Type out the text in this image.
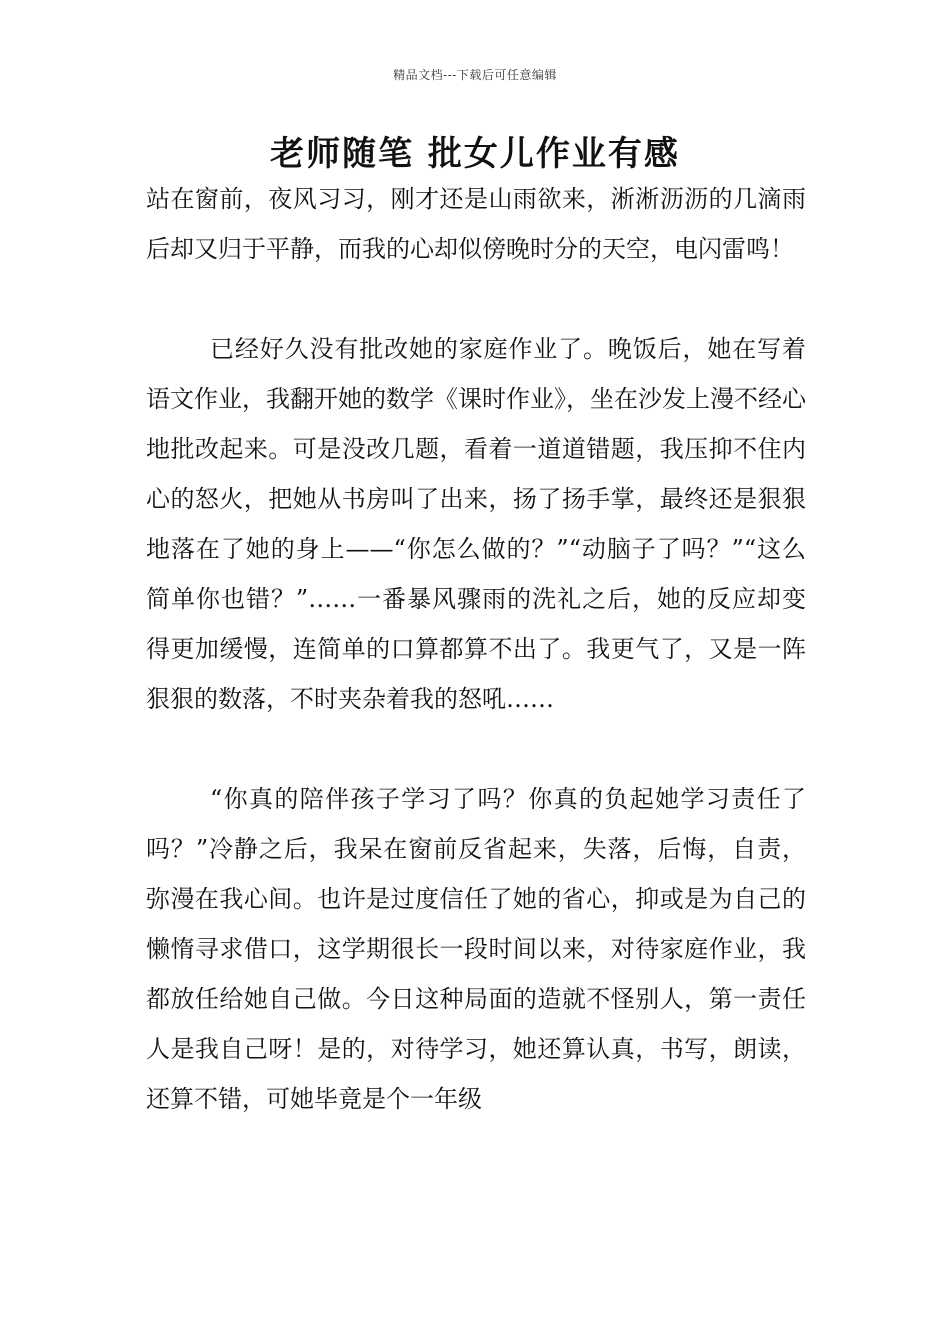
精品文档---下载后可任意编辑
老师随笔 批女儿作业有感

站在窗前，夜风习习，刚才还是山雨欲来，淅淅沥沥的几滴雨后却又归于平静，而我的心却似傍晚时分的天空，电闪雷鸣！

已经好久没有批改她的家庭作业了。晚饭后，她在写着语文作业，我翻开她的数学《课时作业》，坐在沙发上漫不经心地批改起来。可是没改几题，看着一道道错题，我压抑不住内心的怒火，把她从书房叫了出来，扬了扬手掌，最终还是狠狠地落在了她的身上——“你怎么做的？”“动脑子了吗？”“这么简单你也错？”……一番暴风骤雨的洗礼之后，她的反应却变得更加缓慢，连简单的口算都算不出了。我更气了，又是一阵狠狠的数落，不时夹杂着我的怒吼……

“你真的陪伴孩子学习了吗？你真的负起她学习责任了吗？”冷静之后，我呆在窗前反省起来，失落，后悔，自责，弥漫在我心间。也许是过度信任了她的省心，抑或是为自己的懒惰寻求借口，这学期很长一段时间以来，对待家庭作业，我都放任给她自己做。今日这种局面的造就不怪别人，第一责任人是我自己呀！是的，对待学习，她还算认真，书写，朗读，还算不错，可她毕竟是个一年级
